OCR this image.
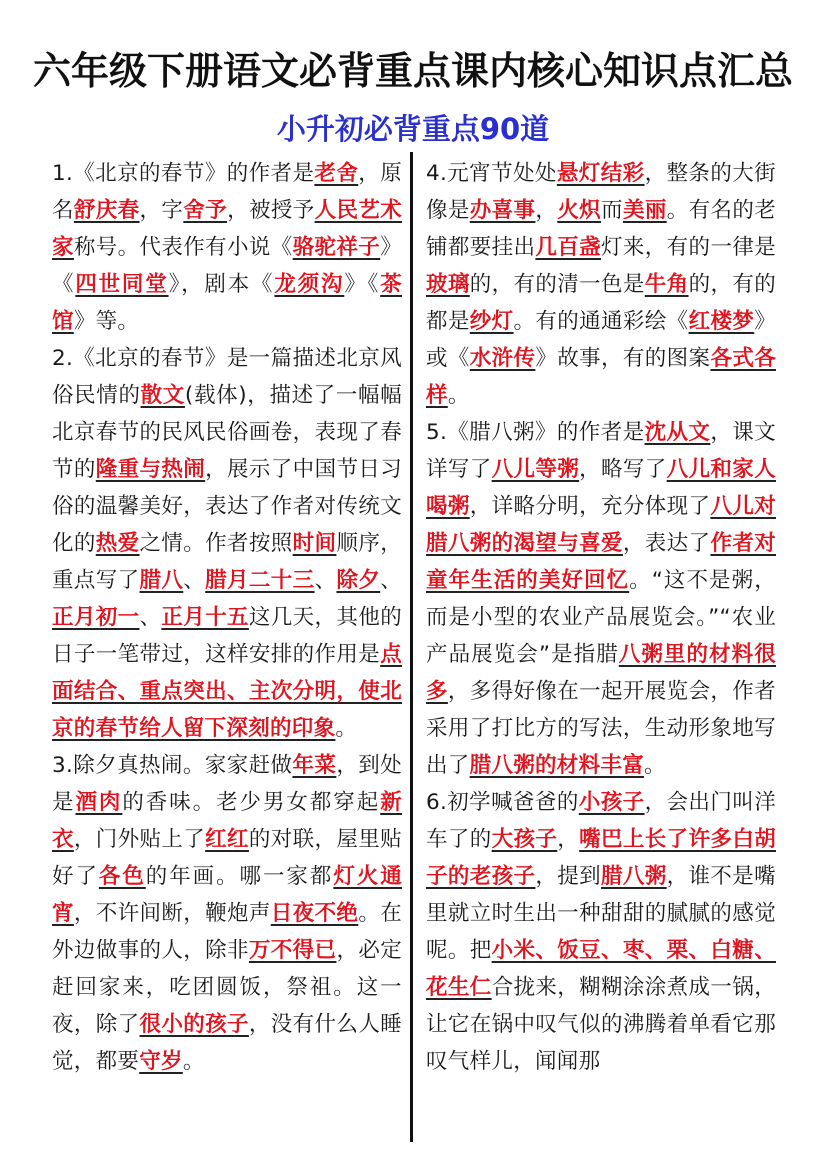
六年级下册语文必背重点课内核心知识点汇总
小升初必背重点90道

1.《北京的春节》的作者是老舍，原名舒庆春，字舍予，被授予人民艺术家称号。代表作有小说《骆驼祥子》《四世同堂》，剧本《龙须沟》《茶馆》等。

2.《北京的春节》是一篇描述北京风俗民情的散文(载体)，描述了一幅幅北京春节的民风民俗画卷，表现了春节的隆重与热闹，展示了中国节日习俗的温馨美好，表达了作者对传统文化的热爱之情。作者按照时间顺序，重点写了腊八、腊月二十三、除夕、正月初一、正月十五这几天，其他的日子一笔带过，这样安排的作用是点面结合、重点突出、主次分明，使北京的春节给人留下深刻的印象。

3.除夕真热闹。家家赶做年菜，到处是酒肉的香味。老少男女都穿起新衣，门外贴上了红红的对联，屋里贴好了各色的年画。哪一家都灯火通宵，不许间断，鞭炮声日夜不绝。在外边做事的人，除非万不得已，必定赶回家来，吃团圆饭，祭祖。这一夜，除了很小的孩子，没有什么人睡觉，都要守岁。

4.元宵节处处悬灯结彩，整条的大街像是办喜事，火炽而美丽。有名的老铺都要挂出几百盏灯来，有的一律是玻璃的，有的清一色是牛角的，有的都是纱灯。有的通通彩绘《红楼梦》或《水浒传》故事，有的图案各式各样。

5.《腊八粥》的作者是沈从文，课文详写了八儿等粥，略写了八儿和家人喝粥，详略分明，充分体现了八儿对腊八粥的渴望与喜爱，表达了作者对童年生活的美好回忆。“这不是粥，而是小型的农业产品展览会。”“农业产品展览会”是指腊八粥里的材料很多，多得好像在一起开展览会，作者采用了打比方的写法，生动形象地写出了腊八粥的材料丰富。

6.初学喊爸爸的小孩子，会出门叫洋车了的大孩子，嘴巴上长了许多白胡子的老孩子，提到腊八粥，谁不是嘴里就立时生出一种甜甜的腻腻的感觉呢。把小米、饭豆、枣、栗、白糖、花生仁合拢来，糊糊涂涂煮成一锅，让它在锅中叹气似的沸腾着单看它那叹气样儿，闻闻那
